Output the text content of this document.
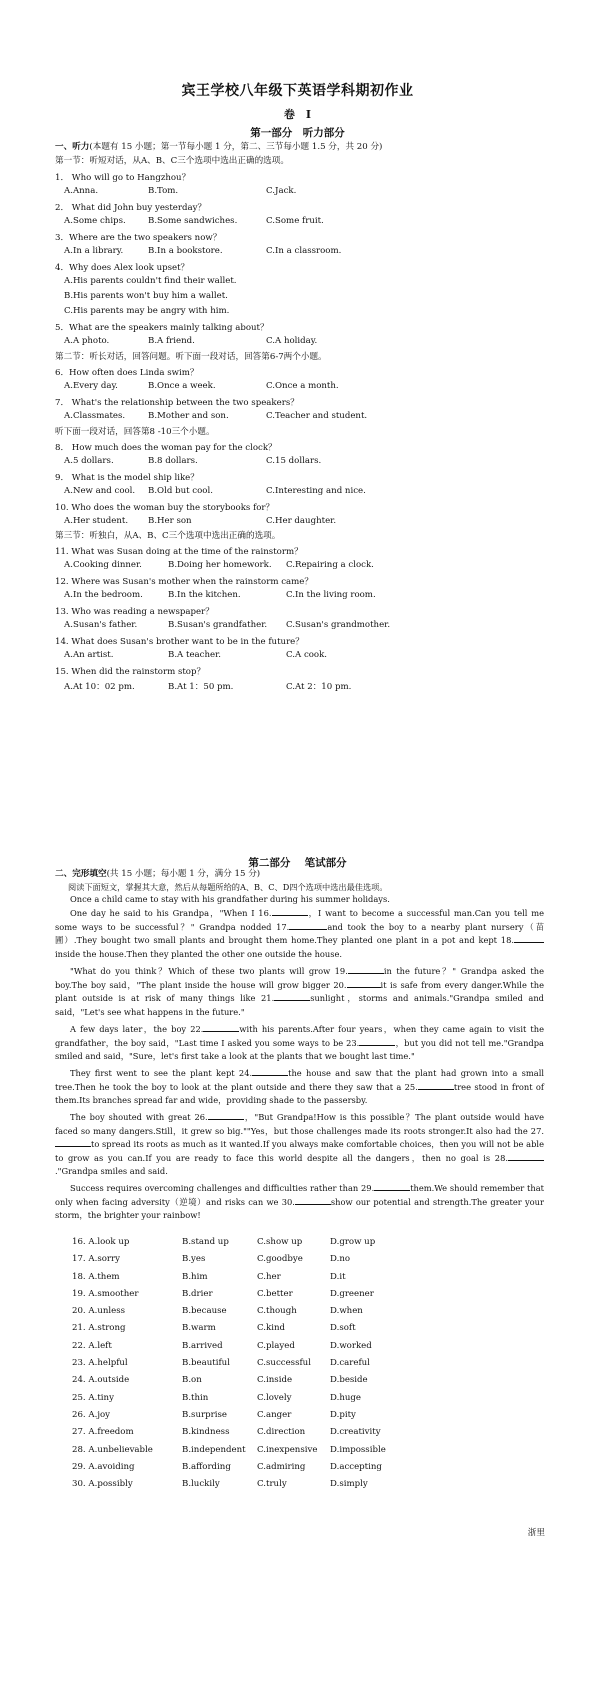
宾王学校八年级下英语学科期初作业
卷　I
第一部分　听力部分
一、听力(本题有 15 小题；第一节每小题 1 分，第二、三节每小题 1.5 分，共 20 分)
第一节：听短对话，从A、B、C三个选项中选出正确的选项。
1． Who will go to Hangzhou？
A.Anna.	B.Tom.	C.Jack.
2． What did John buy yesterday？
A.Some chips.	B.Some sandwiches.	C.Some fruit.
3．Where are the two speakers now？
A.In a library.	B.In a bookstore.	C.In a classroom.
4．Why does Alex look upset？
A.His parents couldn't find their wallet.
B.His parents won't buy him a wallet.
C.His parents may be angry with him.
5．What are the speakers mainly talking about？
A.A photo.	B.A friend.	C.A holiday.
6．How often does Linda swim？
A.Every day.	B.Once a week.	C.Once a month.
7． What's the relationship between the two speakers？
A.Classmates.	B.Mother and son.	C.Teacher and student.
8． How much does the woman pay for the clock？
A.5 dollars.	B.8 dollars.	C.15 dollars.
9． What is the model ship like？
A.New and cool. B.Old but cool.	C.Interesting and nice.
10. Who does the woman buy the storybooks for？
A.Her student. B.Her son	C.Her daughter.
11. What was Susan doing at the time of the rainstorm？
A.Cooking dinner.	B.Doing her homework. C.Repairing a clock.
12. Where was Susan's mother when the rainstorm came？
A.In the bedroom.	B.In the kitchen.	C.In the living room.
13. Who was reading a newspaper？
A.Susan's father.	B.Susan's grandfather. C.Susan's grandmother.
14. What does Susan's brother want to be in the future？
A.An artist.	B.A teacher.	C.A cook.
15. When did the rainstorm stop？
A.At 10：02 pm.	B.At 1：50 pm.	C.At 2：10 pm.
第二节：听长对话，回答问题。听下面一段对话，回答第6-7两个小题。
听下面一段对话，回答第8 -10三个小题。
第三节：听独白，从A、B、C三个选项中选出正确的选项。
第二部分　 笔试部分
二、完形填空(共 15 小题；每小题 1 分，满分 15 分)
阅读下面短文，掌握其大意，然后从每题所给的A、B、C、D四个选项中选出最佳选项。
Once a child came to stay with his grandfather during his summer holidays.
One day he said to his Grandpa，"When I 16.	，I want to become a successful man.Can you tell me some ways to be successful？" Grandpa nodded 17.	and took the boy to a nearby plant nursery（苗圃）.They bought two small plants and brought them home.They planted one plant in a pot and kept 18.inside the house.Then they planted the other one outside the house.
"What do you think？Which of these two plants will grow 19.	in the future？" Grandpa asked the boy.The boy said，"The plant inside the house will grow bigger 20.	it is safe from every danger.While the plant outside is at risk of many things like 21.	sunlight，storms and animals."Grandpa smiled and said，"Let's see what happens in the future."
A few days later，the boy 22.	with his parents.After four years，when they came again to visit the grandfather，the boy said，"Last time I asked you some ways to be 23.	，but you did not tell me."Grandpa smiled and said，"Sure，let's first take a look at the plants that we bought last time."
They first went to see the plant kept 24.	the house and saw that the plant had grown into a small tree.Then he took the boy to look at the plant outside and there they saw that a 25.	tree stood in front of them.Its branches spread far and wide，providing shade to the passersby.
The boy shouted with great 26.	，"But Grandpa!How is this possible？The plant outside would have faced so many dangers.Still，it grew so big.""Yes，but those challenges made its roots stronger.It also had the 27.to spread its roots as much as it wanted.If you always make comfortable choices，then you will not be able to grow as you can.If you are ready to face this world despite all the dangers，then no goal is 28.."Grandpa smiles and said.
Success requires overcoming challenges and difficulties rather than 29.	them.We should remember that only when facing adversity（逆境）and risks can we 30.	show our potential and strength.The greater your storm，the brighter your rainbow!
16. A.look up	B.stand up	C.show up	D.grow up
17. A.sorry	B.yes	C.goodbye	D.no
18. A.them	B.him	C.her	D.it
19. A.smoother	B.drier	C.better	D.greener
20. A.unless	B.because	C.though	D.when
21. A.strong	B.warm	C.kind	D.soft
22. A.left	B.arrived	C.played	D.worked
23. A.helpful	B.beautiful	C.successful D.careful
24. A.outside	B.on	C.inside	D.beside
25. A.tiny	B.thin	C.lovely	D.huge
26. A.joy	B.surprise	C.anger	D.pity
27. A.freedom	B.kindness	C.direction	D.creativity
28. A.unbelievable	B.independent C.inexpensive D.impossible
29. A.avoiding	B.affording	C.admiring	D.accepting
30. A.possibly	B.luckily	C.truly	D.simply
浙里
